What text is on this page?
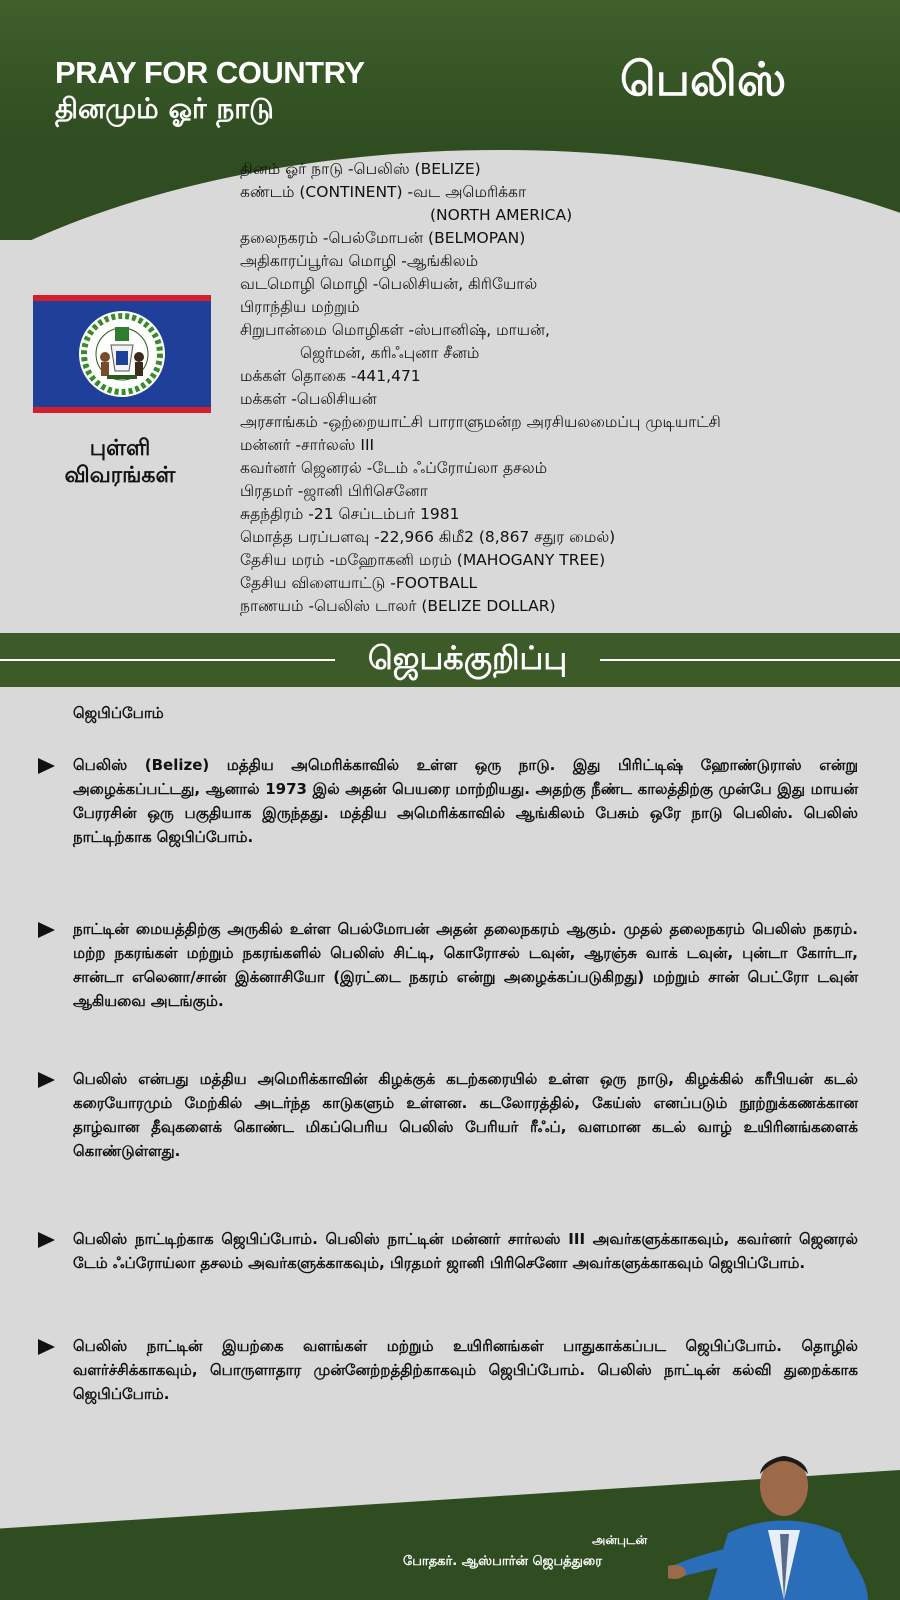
PRAY FOR COUNTRY
தினமும் ஓர் நாடு
பெலிஸ்
புள்ளி
விவரங்கள்
தினம் ஓர் நாடு -பெலிஸ் (BELIZE)
கண்டம் (CONTINENT) -வட அமெரிக்கா
(NORTH AMERICA)
தலைநகரம் -பெல்மோபன் (BELMOPAN)
அதிகாரப்பூர்வ மொழி -ஆங்கிலம்
வடமொழி மொழி -பெலிசியன், கிரியோல்
பிராந்திய மற்றும்
சிறுபான்மை மொழிகள் -ஸ்பானிஷ், மாயன்,
ஜெர்மன், கரிஃபுனா சீனம்
மக்கள் தொகை -441,471
மக்கள் -பெலிசியன்
அரசாங்கம் -ஒற்றையாட்சி பாராளுமன்ற அரசியலமைப்பு முடியாட்சி
மன்னர் -சார்லஸ் III
கவர்னர் ஜெனரல் -டேம் ஃப்ரோய்லா தசலம்
பிரதமர் -ஜானி பிரிசெனோ
சுதந்திரம் -21 செப்டம்பர் 1981
மொத்த பரப்பளவு -22,966 கிமீ2 (8,867 சதுர மைல்)
தேசிய மரம் -மஹோகனி மரம் (MAHOGANY TREE)
தேசிய விளையாட்டு -FOOTBALL
நாணயம் -பெலிஸ் டாலர் (BELIZE DOLLAR)
ஜெபக்குறிப்பு
ஜெபிப்போம்
பெலிஸ் (Belize) மத்திய அமெரிக்காவில் உள்ள ஒரு நாடு. இது பிரிட்டிஷ் ஹோண்டுராஸ் என்று அழைக்கப்பட்டது, ஆனால் 1973 இல் அதன் பெயரை மாற்றியது. அதற்கு நீண்ட காலத்திற்கு முன்பே இது மாயன் பேரரசின் ஒரு பகுதியாக இருந்தது. மத்திய அமெரிக்காவில் ஆங்கிலம் பேசும் ஒரே நாடு பெலிஸ். பெலிஸ் நாட்டிற்காக ஜெபிப்போம்.
நாட்டின் மையத்திற்கு அருகில் உள்ள பெல்மோபன் அதன் தலைநகரம் ஆகும். முதல் தலைநகரம் பெலிஸ் நகரம். மற்ற நகரங்கள் மற்றும் நகரங்களில் பெலிஸ் சிட்டி, கொரோசல் டவுன், ஆரஞ்சு வாக் டவுன், புன்டா கோர்டா, சான்டா எலெனா/சான் இக்னாசியோ (இரட்டை நகரம் என்று அழைக்கப்படுகிறது) மற்றும் சான் பெட்ரோ டவுன் ஆகியவை அடங்கும்.
பெலிஸ் என்பது மத்திய அமெரிக்காவின் கிழக்குக் கடற்கரையில் உள்ள ஒரு நாடு, கிழக்கில் கரீபியன் கடல் கரையோரமும் மேற்கில் அடர்ந்த காடுகளும் உள்ளன. கடலோரத்தில், கேய்ஸ் எனப்படும் நூற்றுக்கணக்கான தாழ்வான தீவுகளைக் கொண்ட மிகப்பெரிய பெலிஸ் பேரியர் ரீஃப், வளமான கடல் வாழ் உயிரினங்களைக் கொண்டுள்ளது.
பெலிஸ் நாட்டிற்காக ஜெபிப்போம். பெலிஸ் நாட்டின் மன்னர் சார்லஸ் III அவர்களுக்காகவும், கவர்னர் ஜெனரல் டேம் ஃப்ரோய்லா தசலம் அவர்களுக்காகவும், பிரதமர் ஜானி பிரிசெனோ அவர்களுக்காகவும் ஜெபிப்போம்.
பெலிஸ் நாட்டின் இயற்கை வளங்கள் மற்றும் உயிரினங்கள் பாதுகாக்கப்பட ஜெபிப்போம். தொழில் வளர்ச்சிக்காகவும், பொருளாதார முன்னேற்றத்திற்காகவும் ஜெபிப்போம். பெலிஸ் நாட்டின் கல்வி துறைக்காக ஜெபிப்போம்.
அன்புடன்
போதகர். ஆஸ்பார்ன் ஜெபத்துரை
